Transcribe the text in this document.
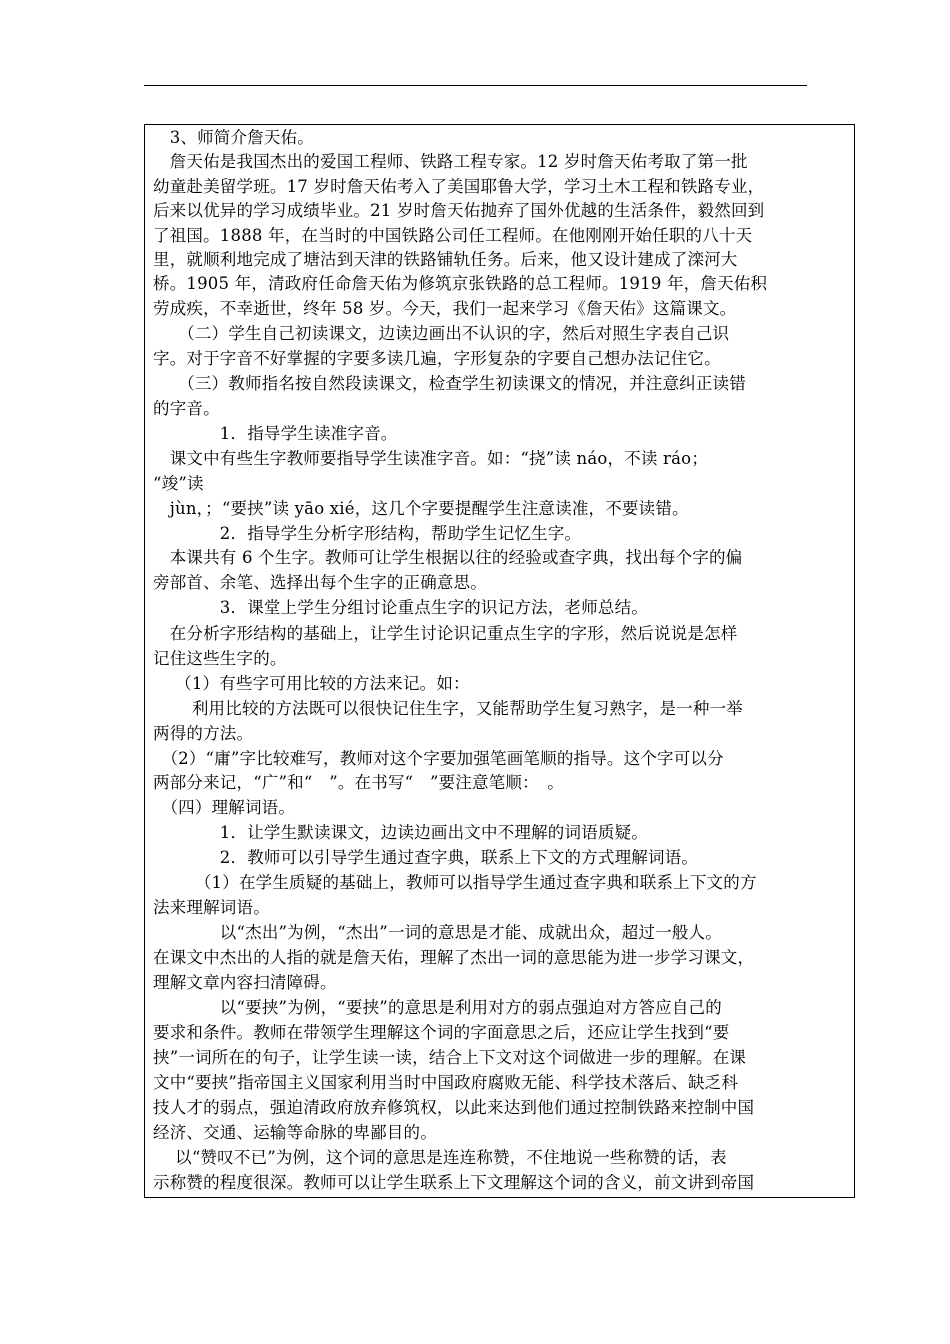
　3、师简介詹天佑。
　詹天佑是我国杰出的爱国工程师、铁路工程专家。12 岁时詹天佑考取了第一批
幼童赴美留学班。17 岁时詹天佑考入了美国耶鲁大学，学习土木工程和铁路专业，
后来以优异的学习成绩毕业。21 岁时詹天佑抛弃了国外优越的生活条件，毅然回到
了祖国。1888 年，在当时的中国铁路公司任工程师。在他刚刚开始任职的八十天
里，就顺利地完成了塘沽到天津的铁路铺轨任务。后来，他又设计建成了滦河大
桥。1905 年，清政府任命詹天佑为修筑京张铁路的总工程师。1919 年，詹天佑积
劳成疾，不幸逝世，终年 58 岁。今天，我们一起来学习《詹天佑》这篇课文。
　　（二）学生自己初读课文，边读边画出不认识的字，然后对照生字表自己识
字。对于字音不好掌握的字要多读几遍，字形复杂的字要自己想办法记住它。
　　（三）教师指名按自然段读课文，检查学生初读课文的情况，并注意纠正读错
的字音。
　　　　1．指导学生读准字音。
　课文中有些生字教师要指导学生读准字音。如：“挠”读 náo，不读 ráo；
“竣”读
　jùn，；“要挟”读 yāo xié，这几个字要提醒学生注意读准，不要读错。
　　　　2．指导学生分析字形结构，帮助学生记忆生字。
　本课共有 6 个生字。教师可让学生根据以往的经验或查字典，找出每个字的偏
旁部首、余笔、选择出每个生字的正确意思。
　　　　3．课堂上学生分组讨论重点生字的识记方法，老师总结。
　在分析字形结构的基础上，让学生讨论识记重点生字的字形，然后说说是怎样
记住这些生字的。
　 （1）有些字可用比较的方法来记。如：
　　 利用比较的方法既可以很快记住生字，又能帮助学生复习熟字，是一种一举
两得的方法。
　（2）“庸”字比较难写，教师对这个字要加强笔画笔顺的指导。这个字可以分
两部分来记，“广”和“　”。在书写“　”要注意笔顺：　。
　（四）理解词语。
　　　　1．让学生默读课文，边读边画出文中不理解的词语质疑。
　　　　2．教师可以引导学生通过查字典，联系上下文的方式理解词语。
　　　（1）在学生质疑的基础上，教师可以指导学生通过查字典和联系上下文的方
法来理解词语。
　　　　以“杰出”为例，“杰出”一词的意思是才能、成就出众，超过一般人。
在课文中杰出的人指的就是詹天佑，理解了杰出一词的意思能为进一步学习课文，
理解文章内容扫清障碍。
　　　　以“要挟”为例，“要挟”的意思是利用对方的弱点强迫对方答应自己的
要求和条件。教师在带领学生理解这个词的字面意思之后，还应让学生找到“要
挟”一词所在的句子，让学生读一读，结合上下文对这个词做进一步的理解。在课
文中“要挟”指帝国主义国家利用当时中国政府腐败无能、科学技术落后、缺乏科
技人才的弱点，强迫清政府放弃修筑权，以此来达到他们通过控制铁路来控制中国
经济、交通、运输等命脉的卑鄙目的。
　 以“赞叹不已”为例，这个词的意思是连连称赞，不住地说一些称赞的话，表
示称赞的程度很深。教师可以让学生联系上下文理解这个词的含义，前文讲到帝国
